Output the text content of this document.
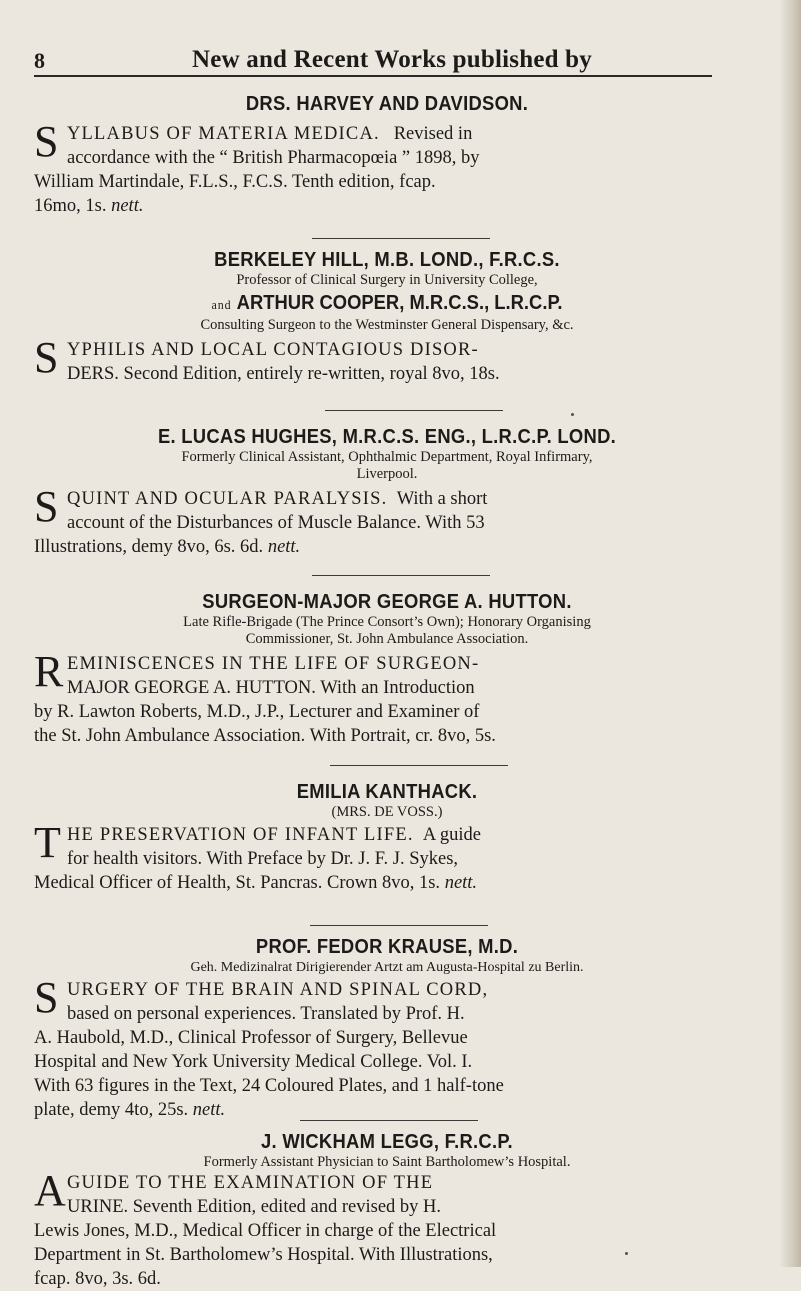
8	New and Recent Works published by
DRS. HARVEY AND DAVIDSON.
S YLLABUS OF MATERIA MEDICA. Revised in
accordance with the “ British Pharmacopœia ” 1898, by
William Martindale, F.L.S., F.C.S. Tenth edition, fcap.
16mo, 1s. nett.
BERKELEY HILL, M.B. LOND., F.R.C.S.
Professor of Clinical Surgery in University College,
and ARTHUR COOPER, M.R.C.S., L.R.C.P.
Consulting Surgeon to the Westminster General Dispensary, &c.
S YPHILIS AND LOCAL CONTAGIOUS DISOR-
DERS. Second Edition, entirely re-written, royal 8vo, 18s.
E. LUCAS HUGHES, M.R.C.S. ENG., L.R.C.P. LOND.
Formerly Clinical Assistant, Ophthalmic Department, Royal Infirmary,
Liverpool.
S QUINT AND OCULAR PARALYSIS. With a short
account of the Disturbances of Muscle Balance. With 53
Illustrations, demy 8vo, 6s. 6d. nett.
SURGEON-MAJOR GEORGE A. HUTTON.
Late Rifle-Brigade (The Prince Consort’s Own); Honorary Organising
Commissioner, St. John Ambulance Association.
R EMINISCENCES IN THE LIFE OF SURGEON-
MAJOR GEORGE A. HUTTON. With an Introduction
by R. Lawton Roberts, M.D., J.P., Lecturer and Examiner of
the St. John Ambulance Association. With Portrait, cr. 8vo, 5s.
EMILIA KANTHACK.
(MRS. DE VOSS.)
T HE PRESERVATION OF INFANT LIFE. A guide
for health visitors. With Preface by Dr. J. F. J. Sykes,
Medical Officer of Health, St. Pancras. Crown 8vo, 1s. nett.
PROF. FEDOR KRAUSE, M.D.
Geh. Medizinalrat Dirigierender Artzt am Augusta-Hospital zu Berlin.
S URGERY OF THE BRAIN AND SPINAL CORD,
based on personal experiences. Translated by Prof. H.
A. Haubold, M.D., Clinical Professor of Surgery, Bellevue
Hospital and New York University Medical College. Vol. I.
With 63 figures in the Text, 24 Coloured Plates, and 1 half-tone
plate, demy 4to, 25s. nett.
J. WICKHAM LEGG, F.R.C.P.
Formerly Assistant Physician to Saint Bartholomew’s Hospital.
A GUIDE TO THE EXAMINATION OF THE
URINE. Seventh Edition, edited and revised by H.
Lewis Jones, M.D., Medical Officer in charge of the Electrical
Department in St. Bartholomew’s Hospital. With Illustrations,
fcap. 8vo, 3s. 6d.
